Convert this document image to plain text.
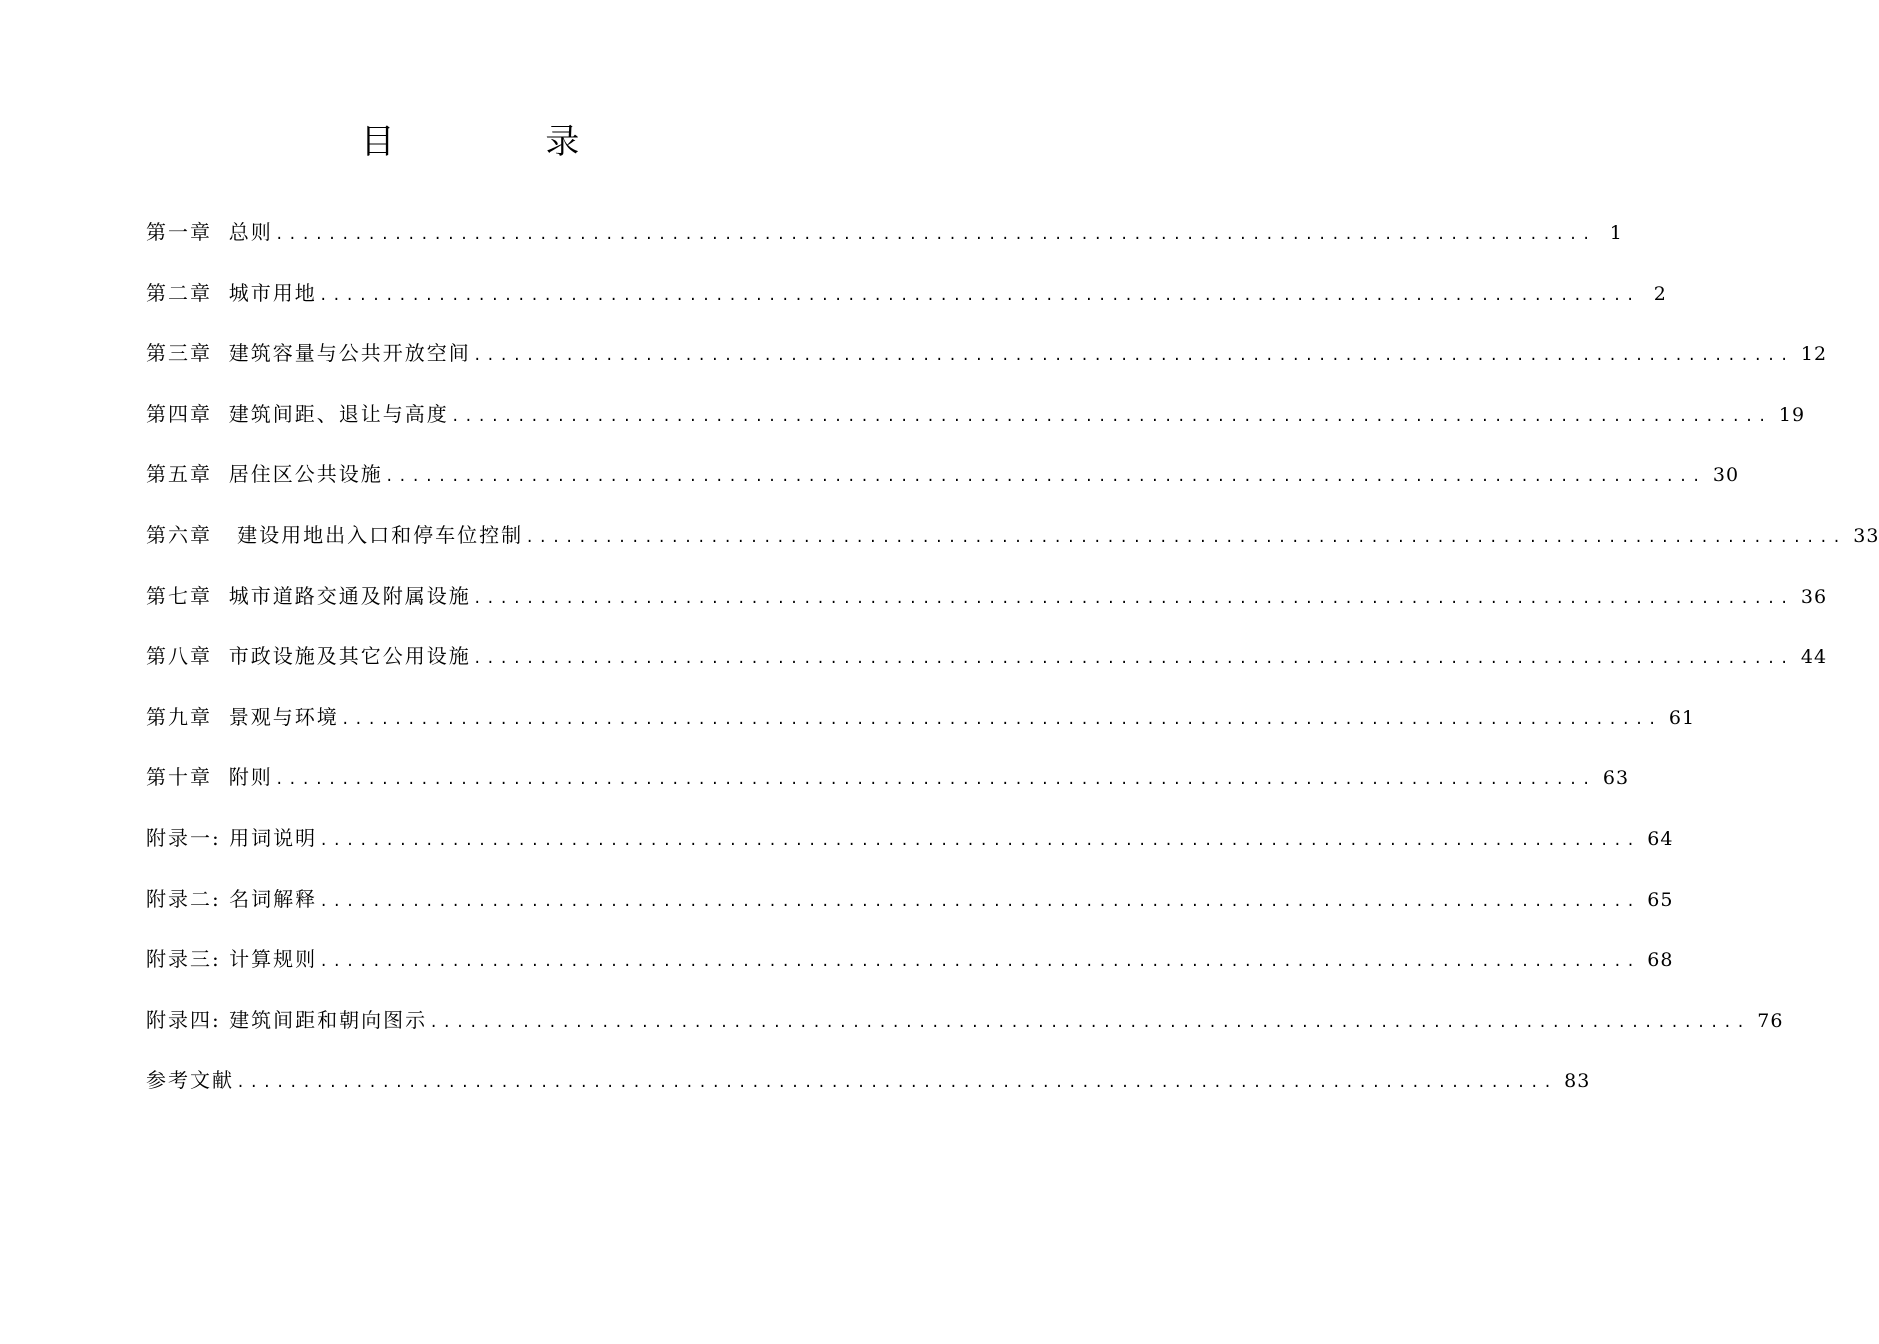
目 录
第一章  总则 .................................................................................................... 1
第二章  城市用地 .................................................................................................... 2
第三章  建筑容量与公共开放空间 .................................................................................................... 12
第四章  建筑间距、退让与高度 .................................................................................................... 19
第五章  居住区公共设施 .................................................................................................... 30
第六章   建设用地出入口和停车位控制 .................................................................................................... 33
第七章  城市道路交通及附属设施 .................................................................................................... 36
第八章  市政设施及其它公用设施 .................................................................................................... 44
第九章  景观与环境 .................................................................................................... 61
第十章  附则 .................................................................................................... 63
附录一: 用词说明 .................................................................................................... 64
附录二: 名词解释 .................................................................................................... 65
附录三: 计算规则 .................................................................................................... 68
附录四: 建筑间距和朝向图示 .................................................................................................... 76
参考文献 .................................................................................................... 83
